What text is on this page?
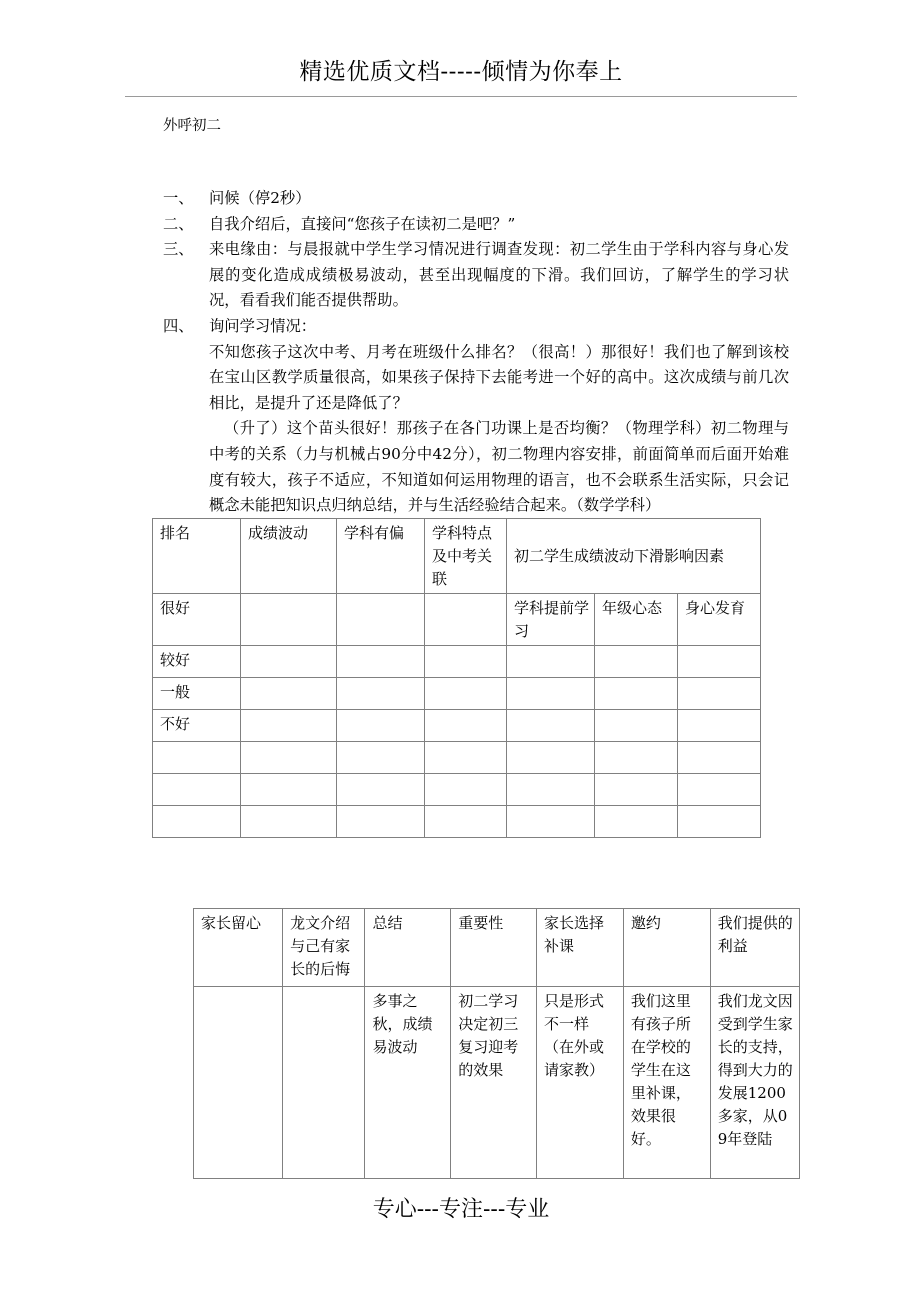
精选优质文档-----倾情为你奉上
外呼初二
一、	问候（停2秒）
二、	自我介绍后，直接问“您孩子在读初二是吧？”
三、	来电缘由：与晨报就中学生学习情况进行调查发现：初二学生由于学科内容与身心发展的变化造成成绩极易波动，甚至出现幅度的下滑。我们回访，了解学生的学习状况，看看我们能否提供帮助。
四、	询问学习情况：
不知您孩子这次中考、月考在班级什么排名？（很高！）那很好！我们也了解到该校在宝山区教学质量很高，如果孩子保持下去能考进一个好的高中。这次成绩与前几次相比，是提升了还是降低了？
（升了）这个苗头很好！那孩子在各门功课上是否均衡？（物理学科）初二物理与中考的关系（力与机械占90分中42分），初二物理内容安排，前面简单而后面开始难度有较大，孩子不适应，不知道如何运用物理的语言，也不会联系生活实际，只会记概念未能把知识点归纳总结，并与生活经验结合起来。（数学学科）
排名	成绩波动	学科有偏	学科特点及中考关联	初二学生成绩波动下滑影响因素		
很好				学科提前学习	年级心态	身心发育
较好						
一般						
不好						

家长留心	龙文介绍与己有家长的后悔	总结	重要性	家长选择补课	邀约	我们提供的利益
		多事之秋，成绩易波动	初二学习决定初三复习迎考的效果	只是形式不一样（在外或请家教）	我们这里有孩子所在学校的学生在这里补课，效果很好。	我们龙文因受到学生家长的支持，得到大力的发展1200多家，从09年登陆
专心---专注---专业
